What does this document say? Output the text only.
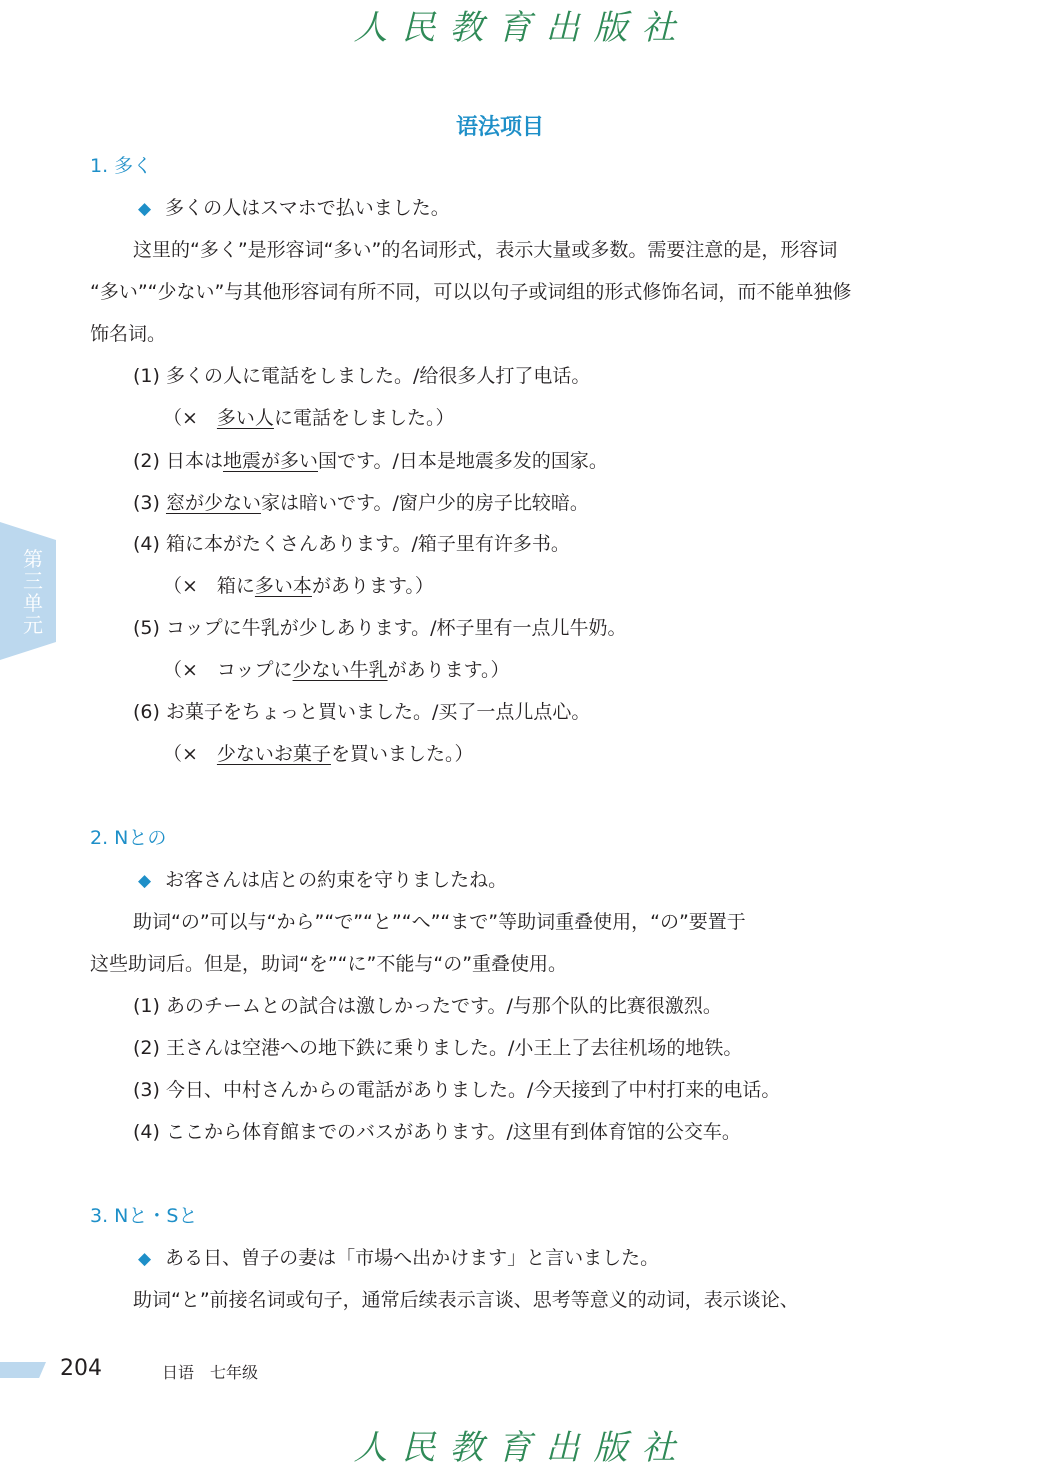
人民教育出版社
第三单元
语法项目
1. 多く
◆ 多くの人はスマホで払いました。
这里的“多く”是形容词“多い”的名词形式，表示大量或多数。需要注意的是，形容词
“多い”“少ない”与其他形容词有所不同，可以以句子或词组的形式修饰名词，而不能单独修
饰名词。
(1) 多くの人に電話をしました。/给很多人打了电话。
（×　多い人に電話をしました。）
(2) 日本は地震が多い国です。/日本是地震多发的国家。
(3) 窓が少ない家は暗いです。/窗户少的房子比较暗。
(4) 箱に本がたくさんあります。/箱子里有许多书。
（×　箱に多い本があります。）
(5) コップに牛乳が少しあります。/杯子里有一点儿牛奶。
（×　コップに少ない牛乳があります。）
(6) お菓子をちょっと買いました。/买了一点儿点心。
（×　少ないお菓子を買いました。）
2. Nとの
◆ お客さんは店との約束を守りましたね。
助词“の”可以与“から”“で”“と”“へ”“まで”等助词重叠使用，“の”要置于
这些助词后。但是，助词“を”“に”不能与“の”重叠使用。
(1) あのチームとの試合は激しかったです。/与那个队的比赛很激烈。
(2) 王さんは空港への地下鉄に乗りました。/小王上了去往机场的地铁。
(3) 今日、中村さんからの電話がありました。/今天接到了中村打来的电话。
(4) ここから体育館までのバスがあります。/这里有到体育馆的公交车。
3. Nと・Sと
◆ ある日、曽子の妻は「市場へ出かけます」と言いました。
助词“と”前接名词或句子，通常后续表示言谈、思考等意义的动词，表示谈论、
204	日语　七年级
人民教育出版社
